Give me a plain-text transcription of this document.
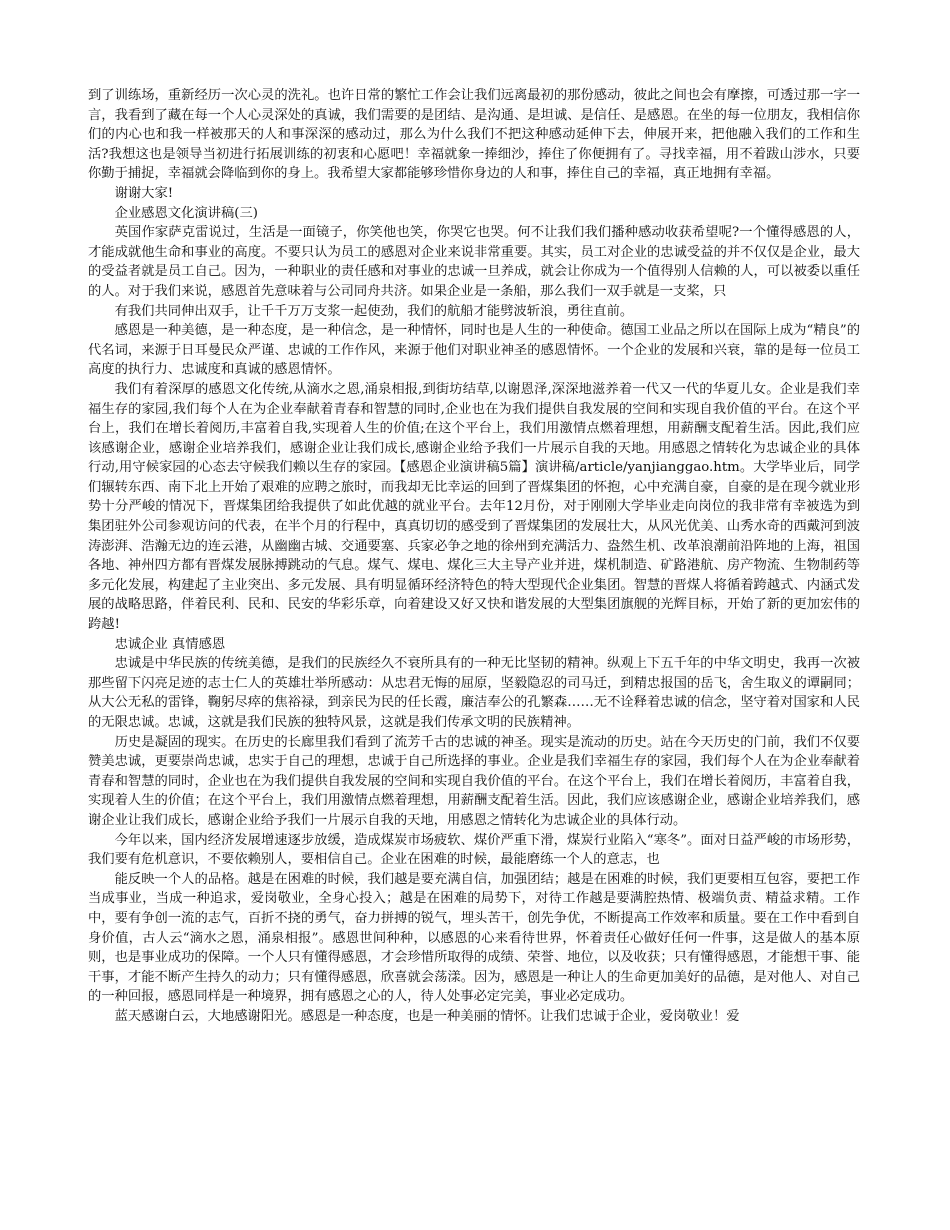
到了训练场，重新经历一次心灵的洗礼。也许日常的繁忙工作会让我们远离最初的那份感动，彼此之间也会有摩擦，可透过那一字一言，我看到了藏在每一个人心灵深处的真诚，我们需要的是团结、是沟通、是坦诚、是信任、是感恩。在坐的每一位朋友，我相信你们的内心也和我一样被那天的人和事深深的感动过，那么为什么我们不把这种感动延伸下去，伸展开来，把他融入我们的工作和生活?我想这也是领导当初进行拓展训练的初衷和心愿吧！幸福就象一捧细沙，捧住了你便拥有了。寻找幸福，用不着跋山涉水，只要你勤于捕捉，幸福就会降临到你的身上。我希望大家都能够珍惜你身边的人和事，捧住自己的幸福，真正地拥有幸福。

谢谢大家!

企业感恩文化演讲稿(三)

英国作家萨克雷说过，生活是一面镜子，你笑他也笑，你哭它也哭。何不让我们我们播种感动收获希望呢?一个懂得感恩的人，才能成就他生命和事业的高度。不要只认为员工的感恩对企业来说非常重要。其实，员工对企业的忠诚受益的并不仅仅是企业，最大的受益者就是员工自己。因为，一种职业的责任感和对事业的忠诚一旦养成，就会让你成为一个值得别人信赖的人，可以被委以重任的人。对于我们来说，感恩首先意味着与公司同舟共济。如果企业是一条船，那么我们一双手就是一支桨，只

有我们共同伸出双手，让千千万万支浆一起使劲，我们的航船才能劈波斩浪，勇往直前。

感恩是一种美德，是一种态度，是一种信念，是一种情怀，同时也是人生的一种使命。德国工业品之所以在国际上成为“精良”的代名词，来源于日耳曼民众严谨、忠诚的工作作风，来源于他们对职业神圣的感恩情怀。一个企业的发展和兴衰，靠的是每一位员工高度的执行力、忠诚度和真诚的感恩情怀。

我们有着深厚的感恩文化传统,从滴水之恩,涌泉相报,到街坊结草,以谢恩泽,深深地滋养着一代又一代的华夏儿女。企业是我们幸福生存的家园,我们每个人在为企业奉献着青春和智慧的同时,企业也在为我们提供自我发展的空间和实现自我价值的平台。在这个平台上，我们在增长着阅历,丰富着自我,实现着人生的价值;在这个平台上，我们用激情点燃着理想，用薪酬支配着生活。因此,我们应该感谢企业，感谢企业培养我们，感谢企业让我们成长,感谢企业给予我们一片展示自我的天地。用感恩之情转化为忠诚企业的具体行动,用守候家园的心态去守候我们赖以生存的家园。【感恩企业演讲稿5篇】演讲稿/article/yanjianggao.htm。大学毕业后，同学们辗转东西、南下北上开始了艰难的应聘之旅时，而我却无比幸运的回到了晋煤集团的怀抱，心中充满自豪，自豪的是在现今就业形势十分严峻的情况下，晋煤集团给我提供了如此优越的就业平台。去年12月份，对于刚刚大学毕业走向岗位的我非常有幸被选为到集团驻外公司参观访问的代表，在半个月的行程中，真真切切的感受到了晋煤集团的发展壮大，从风光优美、山秀水奇的西戴河到波涛澎湃、浩瀚无边的连云港，从幽幽古城、交通要塞、兵家必争之地的徐州到充满活力、盎然生机、改革浪潮前沿阵地的上海，祖国各地、神州四方都有晋煤发展脉搏跳动的气息。煤气、煤电、煤化三大主导产业并进，煤机制造、矿路港航、房产物流、生物制药等多元化发展，构建起了主业突出、多元发展、具有明显循环经济特色的特大型现代企业集团。智慧的晋煤人将循着跨越式、内涵式发展的战略思路，伴着民利、民和、民安的华彩乐章，向着建设又好又快和谐发展的大型集团旗舰的光辉目标，开始了新的更加宏伟的跨越!

忠诚企业 真情感恩

忠诚是中华民族的传统美德，是我们的民族经久不衰所具有的一种无比坚韧的精神。纵观上下五千年的中华文明史，我再一次被那些留下闪亮足迹的志士仁人的英雄壮举所感动：从忠君无悔的屈原，坚毅隐忍的司马迁，到精忠报国的岳飞，舍生取义的谭嗣同；从大公无私的雷锋，鞠躬尽瘁的焦裕禄，到亲民为民的任长霞，廉洁奉公的孔繁森……无不诠释着忠诚的信念，坚守着对国家和人民的无限忠诚。忠诚，这就是我们民族的独特风景，这就是我们传承文明的民族精神。

历史是凝固的现实。在历史的长廊里我们看到了流芳千古的忠诚的神圣。现实是流动的历史。站在今天历史的门前，我们不仅要赞美忠诚，更要崇尚忠诚，忠实于自己的理想，忠诚于自己所选择的事业。企业是我们幸福生存的家园，我们每个人在为企业奉献着青春和智慧的同时，企业也在为我们提供自我发展的空间和实现自我价值的平台。在这个平台上，我们在增长着阅历，丰富着自我，实现着人生的价值；在这个平台上，我们用激情点燃着理想，用薪酬支配着生活。因此，我们应该感谢企业，感谢企业培养我们，感谢企业让我们成长，感谢企业给予我们一片展示自我的天地，用感恩之情转化为忠诚企业的具体行动。

今年以来，国内经济发展增速逐步放缓，造成煤炭市场疲软、煤价严重下滑，煤炭行业陷入“寒冬”。面对日益严峻的市场形势，我们要有危机意识，不要依赖别人，要相信自己。企业在困难的时候，最能磨练一个人的意志，也

能反映一个人的品格。越是在困难的时候，我们越是要充满自信，加强团结；越是在困难的时候，我们更要相互包容，要把工作当成事业，当成一种追求，爱岗敬业，全身心投入；越是在困难的局势下，对待工作越是要满腔热情、极端负责、精益求精。工作中，要有争创一流的志气，百折不挠的勇气，奋力拼搏的锐气，埋头苦干，创先争优，不断提高工作效率和质量。要在工作中看到自身价值，古人云“滴水之恩，涌泉相报”。感恩世间种种，以感恩的心来看待世界，怀着责任心做好任何一件事，这是做人的基本原则，也是事业成功的保障。一个人只有懂得感恩，才会珍惜所取得的成绩、荣誉、地位，以及收获；只有懂得感恩，才能想干事、能干事，才能不断产生持久的动力；只有懂得感恩，欣喜就会荡漾。因为，感恩是一种让人的生命更加美好的品德，是对他人、对自己的一种回报，感恩同样是一种境界，拥有感恩之心的人，待人处事必定完美，事业必定成功。

蓝天感谢白云，大地感谢阳光。感恩是一种态度，也是一种美丽的情怀。让我们忠诚于企业，爱岗敬业！爱
